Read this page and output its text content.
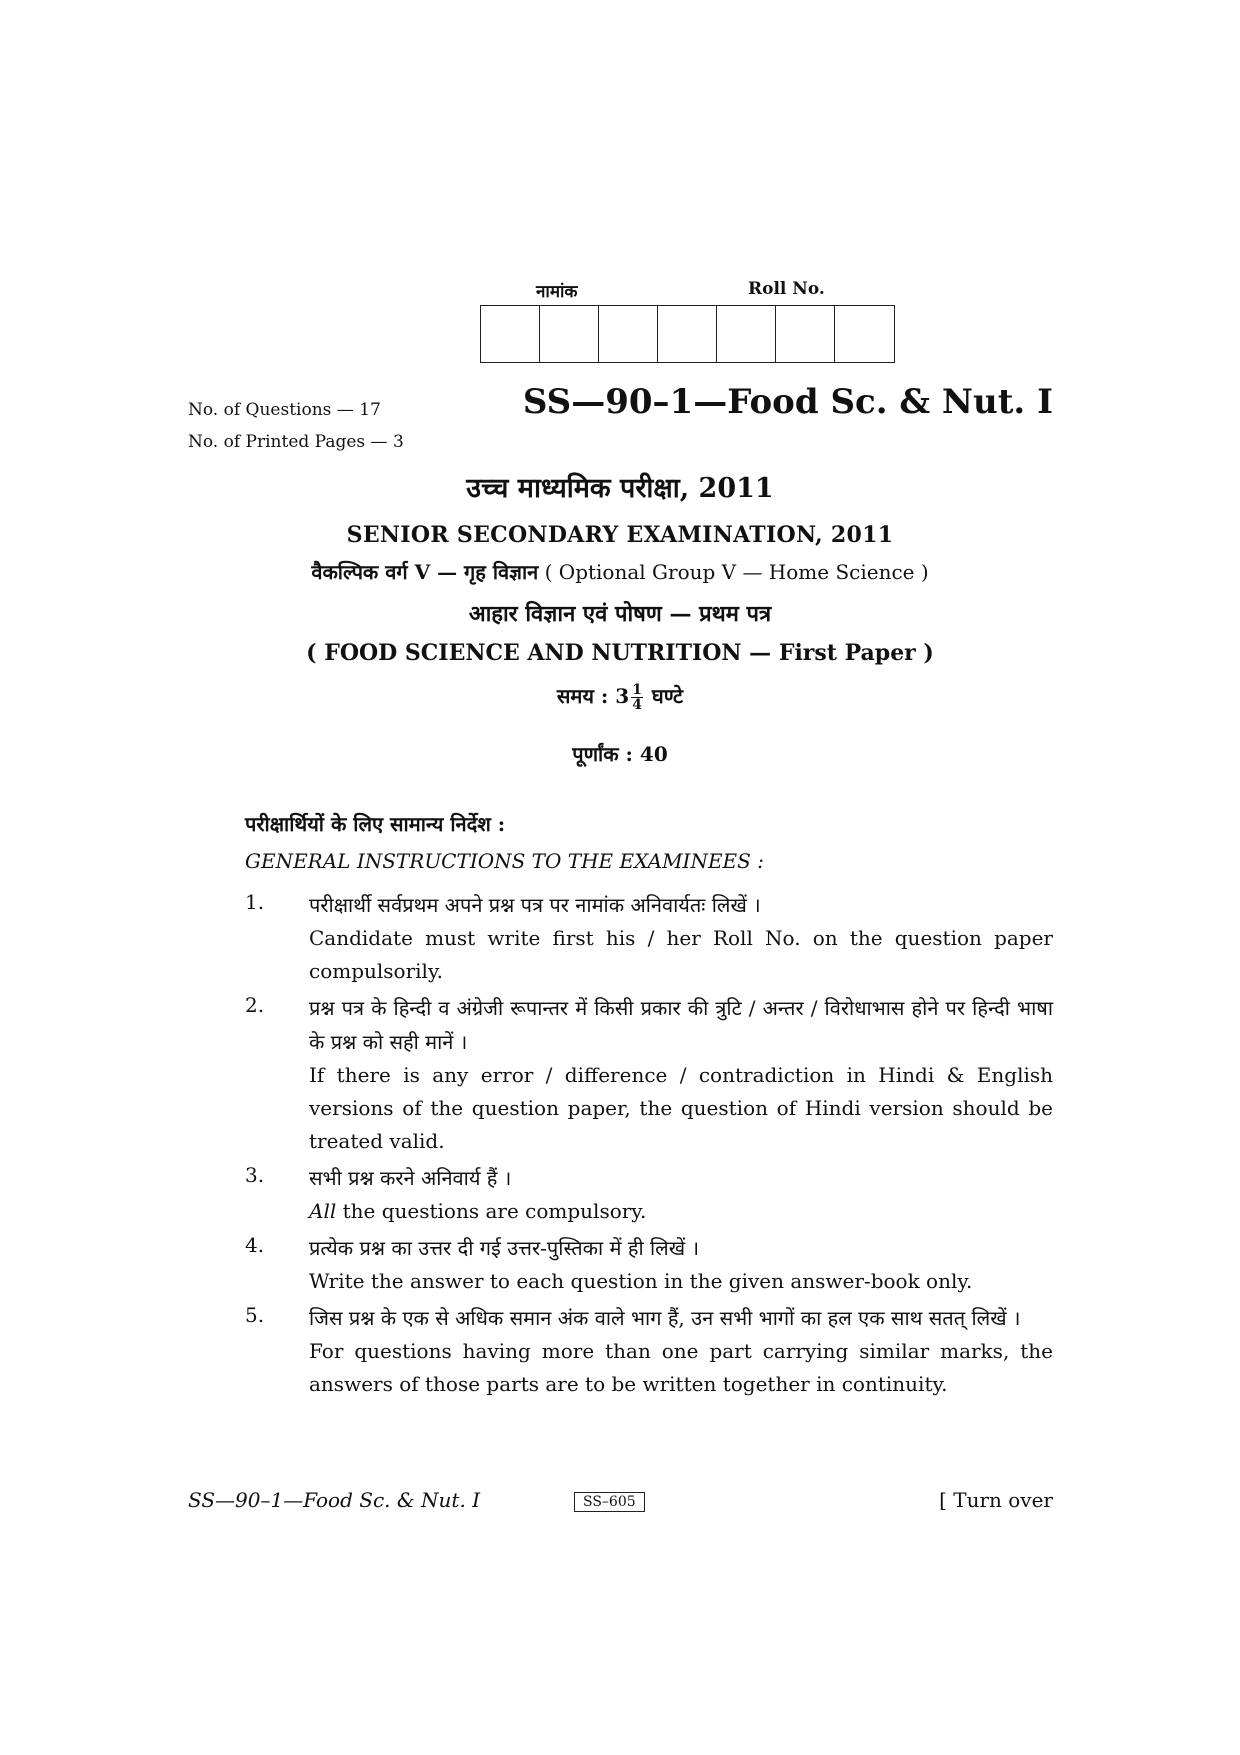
नामांक	Roll No.
No. of Questions — 17
No. of Printed Pages — 3
SS—90–1—Food Sc. & Nut. I
उच्च माध्यमिक परीक्षा, 2011
SENIOR SECONDARY EXAMINATION, 2011
वैकल्पिक वर्ग V — गृह विज्ञान ( Optional Group V — Home Science )
आहार विज्ञान एवं पोषण — प्रथम पत्र
( FOOD SCIENCE AND NUTRITION — First Paper )
समय : $3 \frac{1}{4}$ घण्टे
पूर्णांक : 40
परीक्षार्थियों के लिए सामान्य निर्देश :
GENERAL INSTRUCTIONS TO THE EXAMINEES :
1.	परीक्षार्थी सर्वप्रथम अपने प्रश्न पत्र पर नामांक अनिवार्यतः लिखें ।
Candidate must write first his / her Roll No. on the question paper compulsorily.
2.	प्रश्न पत्र के हिन्दी व अंग्रेजी रूपान्तर में किसी प्रकार की त्रुटि / अन्तर / विरोधाभास होने पर हिन्दी भाषा के प्रश्न को सही मानें ।
If there is any error / difference / contradiction in Hindi & English versions of the question paper, the question of Hindi version should be treated valid.
3.	सभी प्रश्न करने अनिवार्य हैं ।
All the questions are compulsory.
4.	प्रत्येक प्रश्न का उत्तर दी गई उत्तर-पुस्तिका में ही लिखें ।
Write the answer to each question in the given answer-book only.
5.	जिस प्रश्न के एक से अधिक समान अंक वाले भाग हैं, उन सभी भागों का हल एक साथ सतत् लिखें ।
For questions having more than one part carrying similar marks, the answers of those parts are to be written together in continuity.
SS—90–1—Food Sc. & Nut. I	SS–605	[ Turn over
